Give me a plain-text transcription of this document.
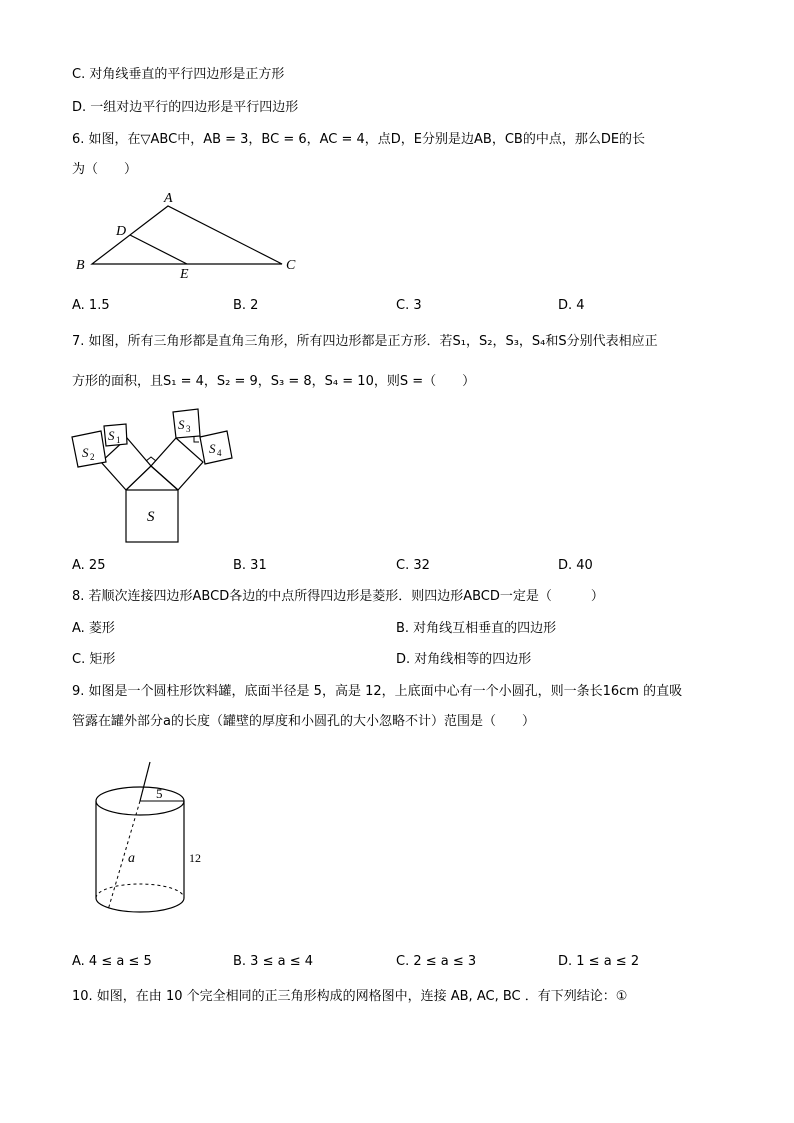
C. 对角线垂直的平行四边形是正方形
D. 一组对边平行的四边形是平行四边形
6. 如图，在▽ABC中，AB = 3，BC = 6，AC = 4，点D，E分别是边AB，CB的中点，那么DE的长
为（　　）
A
B	C
D
E
A. 1.5	B. 2	C. 3	D. 4
7. 如图，所有三角形都是直角三角形，所有四边形都是正方形．若S₁，S₂，S₃，S₄和S分别代表相应正
方形的面积，且S₁ = 4，S₂ = 9，S₃ = 8，S₄ = 10，则S =（　　）
S 1
S 2
S 3
S 4
S
A. 25	B. 31	C. 32	D. 40
8. 若顺次连接四边形ABCD各边的中点所得四边形是菱形．则四边形ABCD一定是（　　　）
A. 菱形	B. 对角线互相垂直的四边形
C. 矩形	D. 对角线相等的四边形
9. 如图是一个圆柱形饮料罐，底面半径是 5，高是 12，上底面中心有一个小圆孔，则一条长16cm 的直吸
管露在罐外部分a的长度（罐壁的厚度和小圆孔的大小忽略不计）范围是（　　）
5
12
a
A. 4 ≤ a ≤ 5	B. 3 ≤ a ≤ 4	C. 2 ≤ a ≤ 3	D. 1 ≤ a ≤ 2
10. 如图，在由 10 个完全相同的正三角形构成的网格图中，连接 AB, AC, BC ．有下列结论：①
